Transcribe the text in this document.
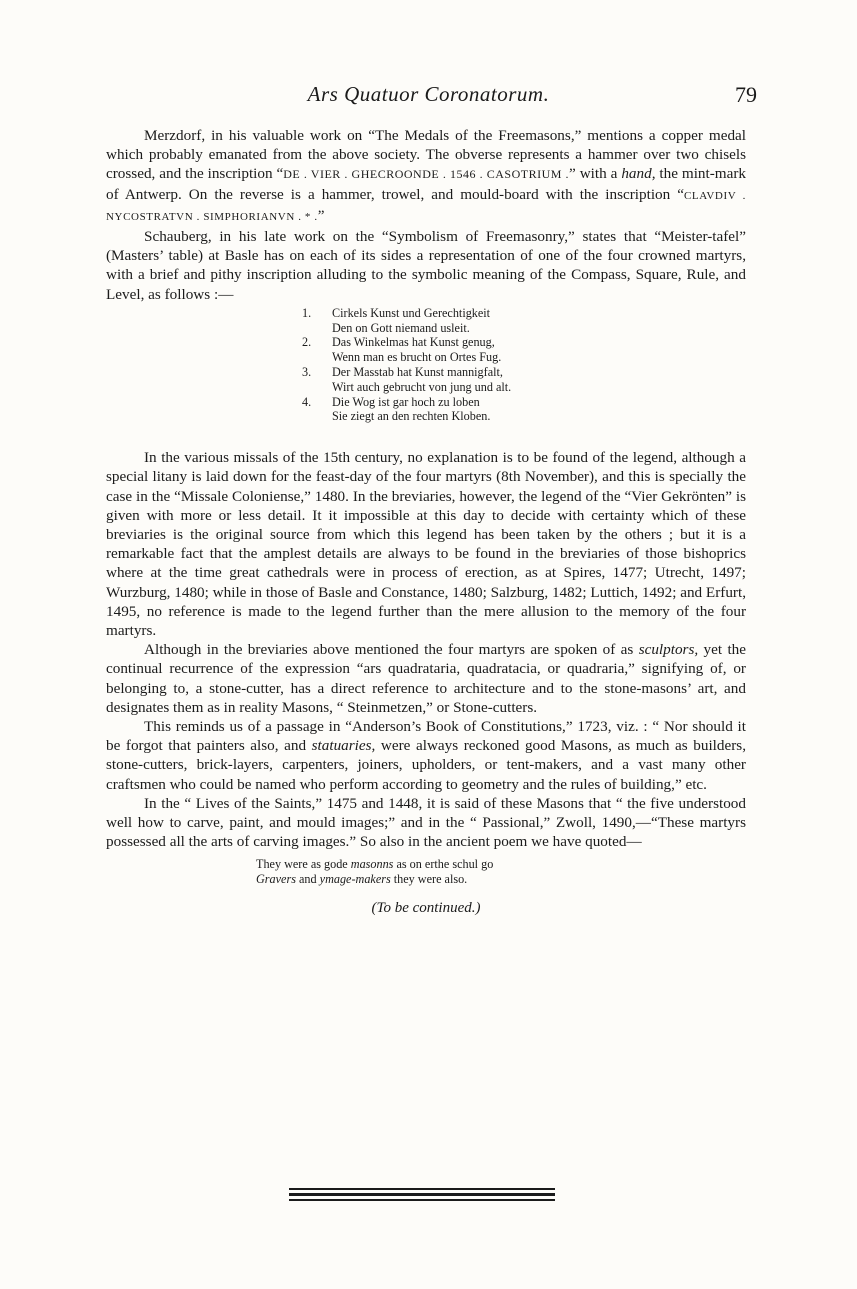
Ars Quatuor Coronatorum.	79

Merzdorf, in his valuable work on “The Medals of the Freemasons,” mentions a copper medal which probably emanated from the above society. The obverse represents a hammer over two chisels crossed, and the inscription “DE . VIER . GHECROONDE . 1546 . CASOTRIUM .” with a hand, the mint-mark of Antwerp. On the reverse is a hammer, trowel, and mould-board with the inscription “CLAVDIV . NYCOSTRATVN . SIMPHORIANVN . * .”

Schauberg, in his late work on the “Symbolism of Freemasonry,” states that “Meister-tafel” (Masters’ table) at Basle has on each of its sides a representation of one of the four crowned martyrs, with a brief and pithy inscription alluding to the symbolic meaning of the Compass, Square, Rule, and Level, as follows :—

1.	Cirkels Kunst und Gerechtigkeit
Den on Gott niemand usleit.
2.	Das Winkelmas hat Kunst genug,
Wenn man es brucht on Ortes Fug.
3.	Der Masstab hat Kunst mannigfalt,
Wirt auch gebrucht von jung und alt.
4.	Die Wog ist gar hoch zu loben
Sie ziegt an den rechten Kloben.

In the various missals of the 15th century, no explanation is to be found of the legend, although a special litany is laid down for the feast-day of the four martyrs (8th November), and this is specially the case in the “Missale Coloniense,” 1480. In the breviaries, however, the legend of the “Vier Gekrönten” is given with more or less detail. It it impossible at this day to decide with certainty which of these breviaries is the original source from which this legend has been taken by the others ; but it is a remarkable fact that the amplest details are always to be found in the breviaries of those bishoprics where at the time great cathedrals were in process of erection, as at Spires, 1477; Utrecht, 1497; Wurzburg, 1480; while in those of Basle and Constance, 1480; Salzburg, 1482; Luttich, 1492; and Erfurt, 1495, no reference is made to the legend further than the mere allusion to the memory of the four martyrs.

Although in the breviaries above mentioned the four martyrs are spoken of as sculptors, yet the continual recurrence of the expression “ars quadrataria, quadratacia, or quadraria,” signifying of, or belonging to, a stone-cutter, has a direct reference to architecture and to the stone-masons’ art, and designates them as in reality Masons, “ Steinmetzen,” or Stone-cutters.

This reminds us of a passage in “Anderson’s Book of Constitutions,” 1723, viz. : “ Nor should it be forgot that painters also, and statuaries, were always reckoned good Masons, as much as builders, stone-cutters, brick-layers, carpenters, joiners, upholders, or tent-makers, and a vast many other craftsmen who could be named who perform according to geometry and the rules of building,” etc.

In the “ Lives of the Saints,” 1475 and 1448, it is said of these Masons that “ the five understood well how to carve, paint, and mould images;” and in the “ Passional,” Zwoll, 1490,—“These martyrs possessed all the arts of carving images.” So also in the ancient poem we have quoted—

They were as gode masonns as on erthe schul go
Gravers and ymage-makers they were also.
(To be continued.)
